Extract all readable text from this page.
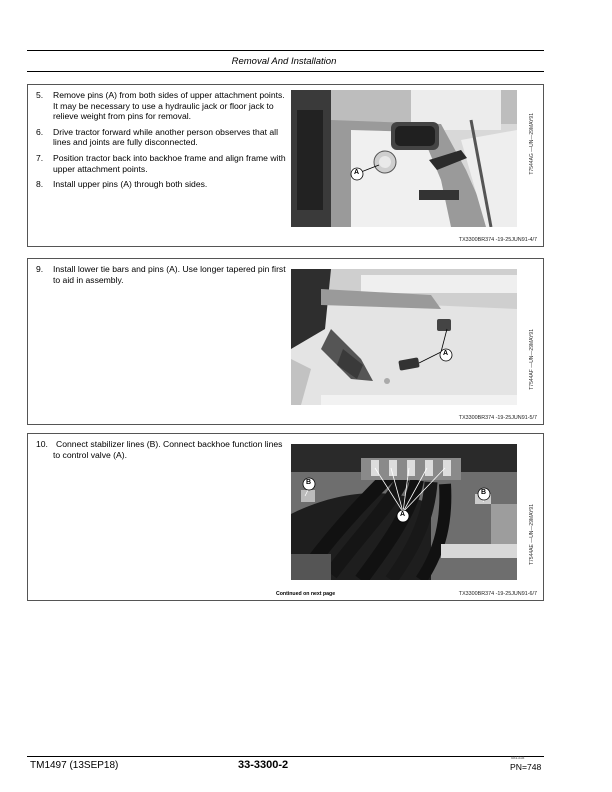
Removal And Installation
5. Remove pins (A) from both sides of upper attachment points. It may be necessary to use a hydraulic jack or floor jack to relieve weight from pins for removal.
6. Drive tractor forward while another person observes that all lines and joints are fully disconnected.
7. Position tractor back into backhoe frame and align frame with upper attachment points.
8. Install upper pins (A) through both sides.
A	T7544AG —UN—29MAY91
TX3300BR374 -19-25JUN91-4/7
9. Install lower tie bars and pins (A). Use longer tapered pin first to aid in assembly.
A	T7544AF —UN—29MAY91
TX3300BR374 -19-25JUN91-5/7
10. Connect stabilizer lines (B). Connect backhoe function lines to control valve (A).
A
B
B
T7544AE —UN—29MAY91
Continued on next page	TX3300BR374 -19-25JUN91-6/7
TM1497 (13SEP18)	33-3300-2
081318
PN=748
